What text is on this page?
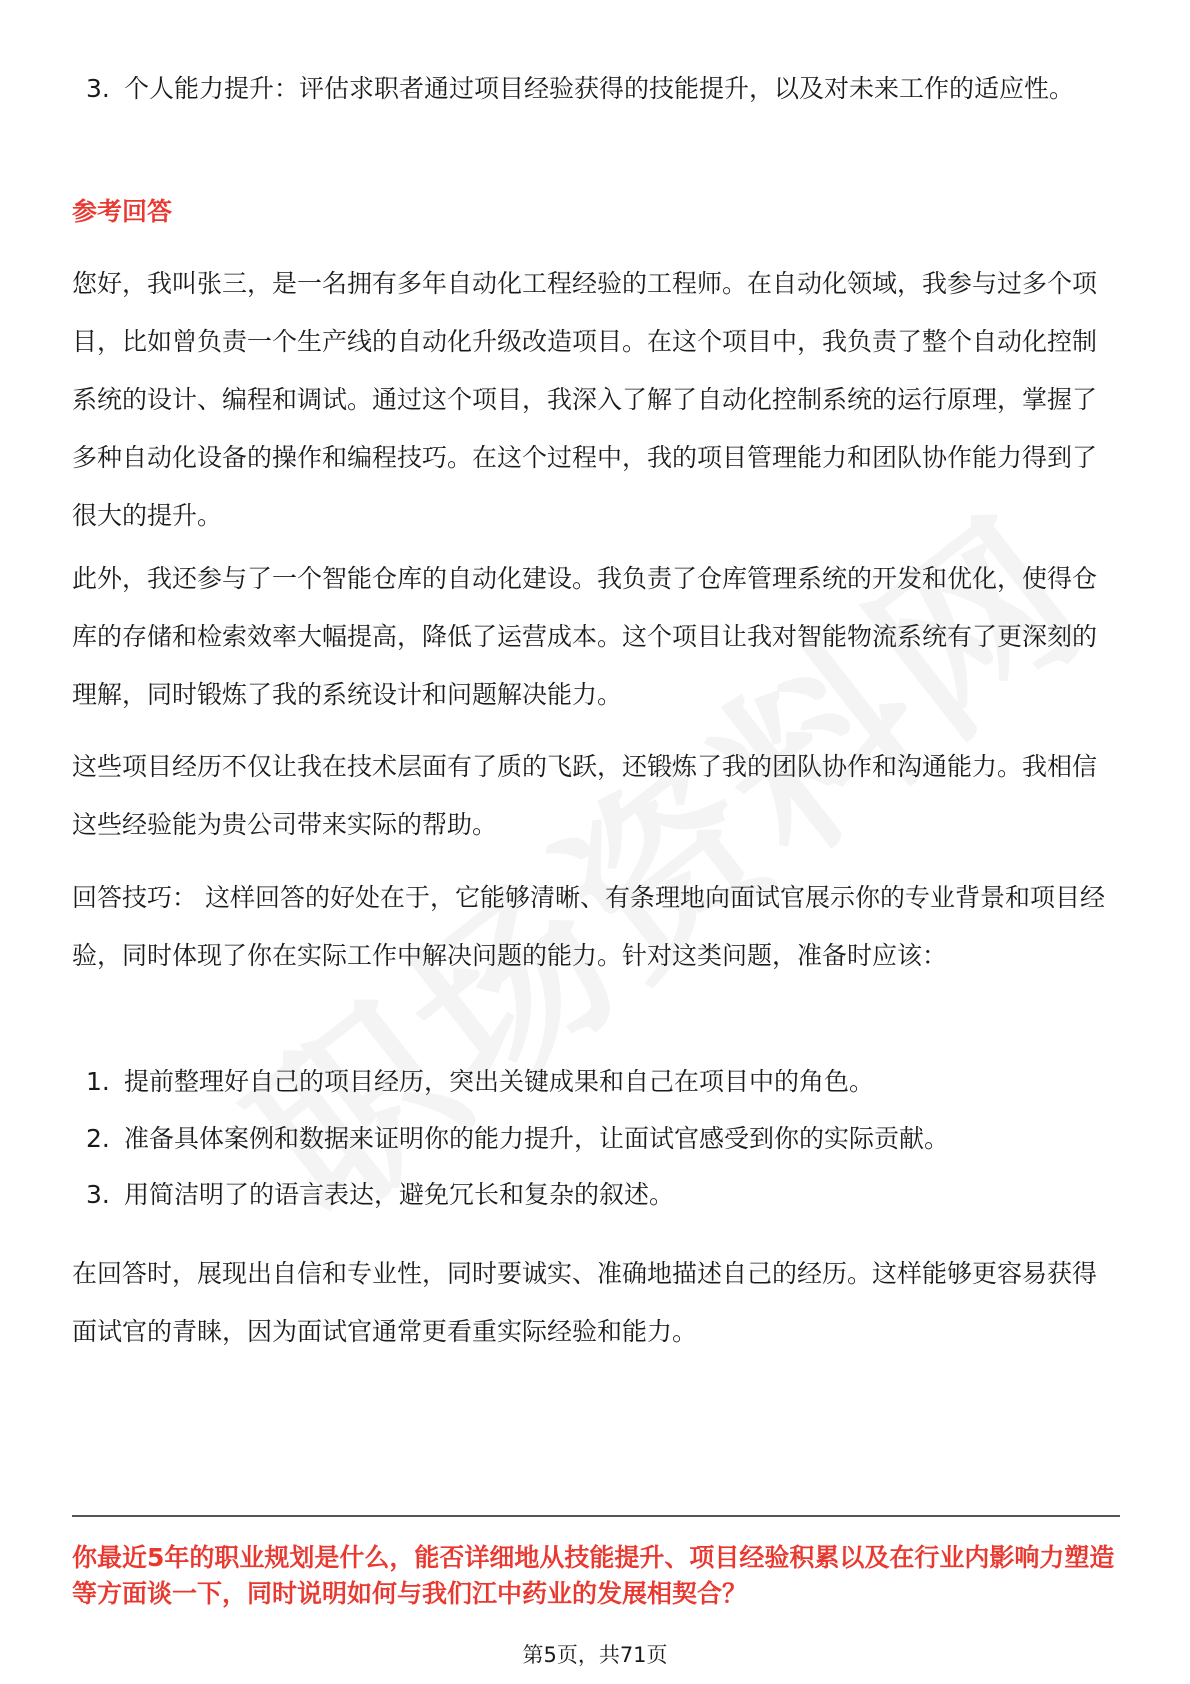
3. 个人能力提升：评估求职者通过项目经验获得的技能提升，以及对未来工作的适应性。
参考回答

您好，我叫张三，是一名拥有多年自动化工程经验的工程师。在自动化领域，我参与过多个项目，比如曾负责一个生产线的自动化升级改造项目。在这个项目中，我负责了整个自动化控制系统的设计、编程和调试。通过这个项目，我深入了解了自动化控制系统的运行原理，掌握了多种自动化设备的操作和编程技巧。在这个过程中，我的项目管理能力和团队协作能力得到了很大的提升。

此外，我还参与了一个智能仓库的自动化建设。我负责了仓库管理系统的开发和优化，使得仓库的存储和检索效率大幅提高，降低了运营成本。这个项目让我对智能物流系统有了更深刻的理解，同时锻炼了我的系统设计和问题解决能力。

这些项目经历不仅让我在技术层面有了质的飞跃，还锻炼了我的团队协作和沟通能力。我相信这些经验能为贵公司带来实际的帮助。

回答技巧： 这样回答的好处在于，它能够清晰、有条理地向面试官展示你的专业背景和项目经验，同时体现了你在实际工作中解决问题的能力。针对这类问题，准备时应该：

1. 提前整理好自己的项目经历，突出关键成果和自己在项目中的角色。
2. 准备具体案例和数据来证明你的能力提升，让面试官感受到你的实际贡献。
3. 用简洁明了的语言表达，避免冗长和复杂的叙述。

在回答时，展现出自信和专业性，同时要诚实、准确地描述自己的经历。这样能够更容易获得面试官的青睐，因为面试官通常更看重实际经验和能力。

你最近5年的职业规划是什么，能否详细地从技能提升、项目经验积累以及在行业内影响力塑造等方面谈一下，同时说明如何与我们江中药业的发展相契合？
第5页，共71页
